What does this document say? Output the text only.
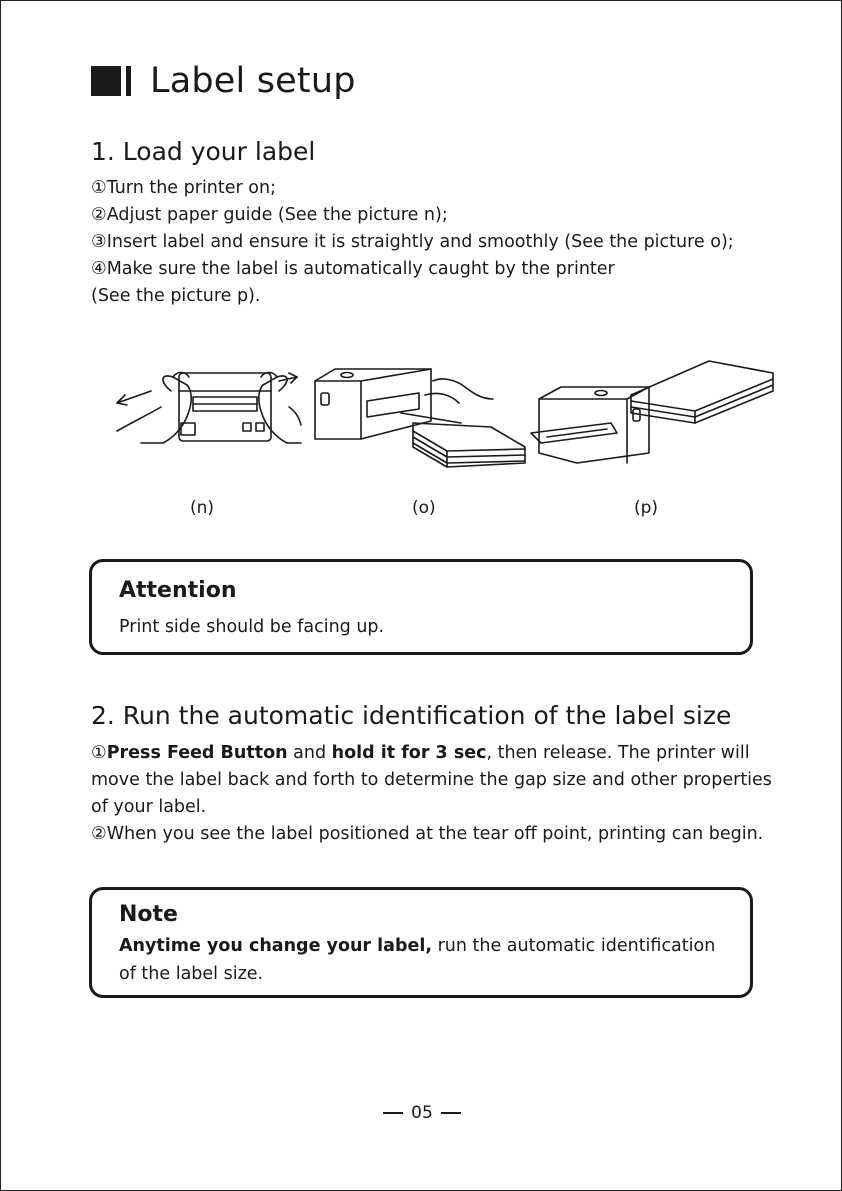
Label setup
1. Load your label
①Turn the printer on;
②Adjust paper guide (See the picture n);
③Insert label and ensure it is straightly and smoothly (See the picture o);
④Make sure the label is automatically caught by the printer
(See the picture p).
(n)	(o)	(p)
Attention
Print side should be facing up.
2. Run the automatic identification of the label size
①Press Feed Button and hold it for 3 sec, then release. The printer will
move the label back and forth to determine the gap size and other properties
of your label.
②When you see the label positioned at the tear off point, printing can begin.
Note
Anytime you change your label, run the automatic identification
of the label size.
05
